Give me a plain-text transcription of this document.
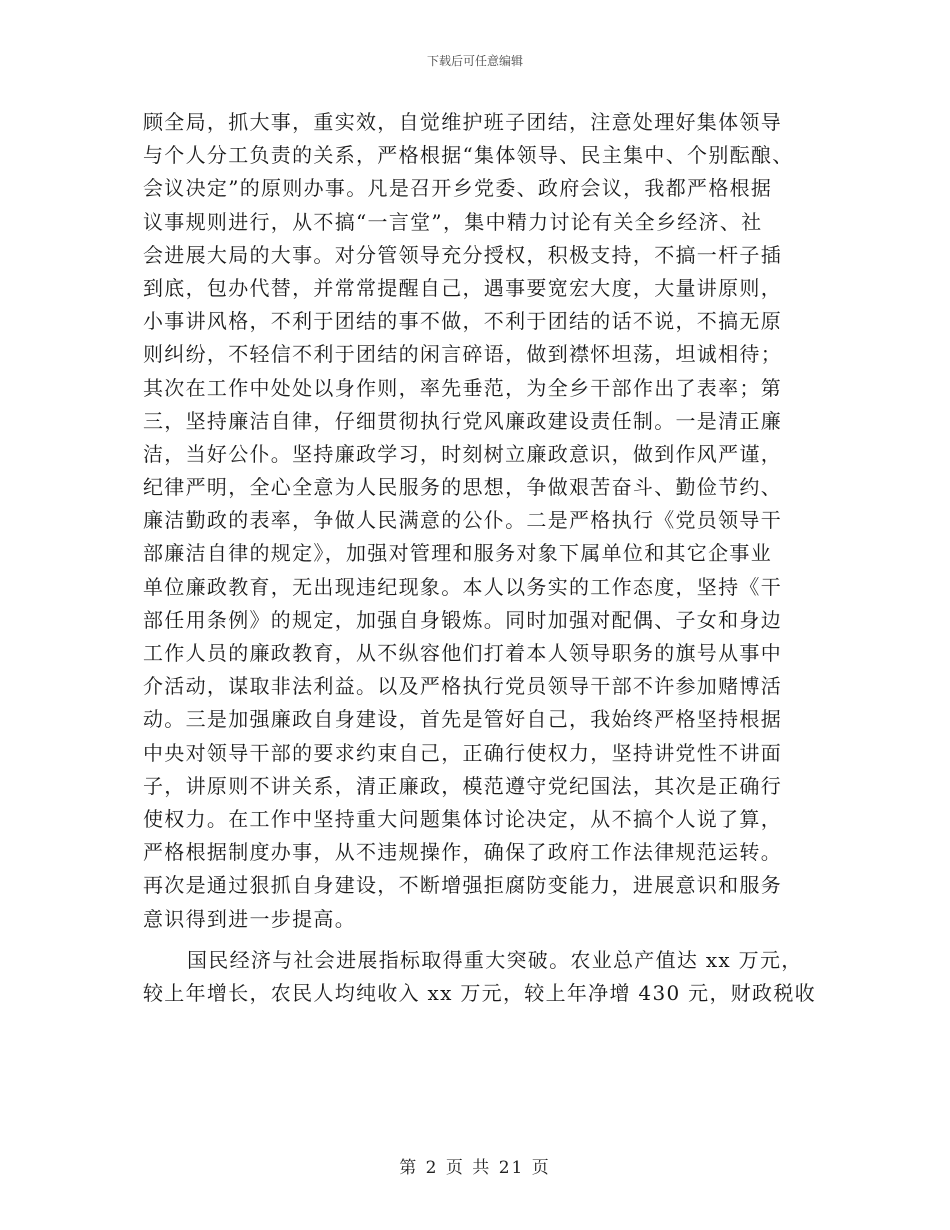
下载后可任意编辑
顾全局，抓大事，重实效，自觉维护班子团结，注意处理好集体领导
与个人分工负责的关系，严格根据“集体领导、民主集中、个别酝酿、
会议决定”的原则办事。凡是召开乡党委、政府会议，我都严格根据
议事规则进行，从不搞“一言堂”，集中精力讨论有关全乡经济、社
会进展大局的大事。对分管领导充分授权，积极支持，不搞一杆子插
到底，包办代替，并常常提醒自己，遇事要宽宏大度，大量讲原则，
小事讲风格，不利于团结的事不做，不利于团结的话不说，不搞无原
则纠纷，不轻信不利于团结的闲言碎语，做到襟怀坦荡，坦诚相待；
其次在工作中处处以身作则，率先垂范，为全乡干部作出了表率；第
三，坚持廉洁自律，仔细贯彻执行党风廉政建设责任制。一是清正廉
洁，当好公仆。坚持廉政学习，时刻树立廉政意识，做到作风严谨，
纪律严明，全心全意为人民服务的思想，争做艰苦奋斗、勤俭节约、
廉洁勤政的表率，争做人民满意的公仆。二是严格执行《党员领导干
部廉洁自律的规定》，加强对管理和服务对象下属单位和其它企事业
单位廉政教育，无出现违纪现象。本人以务实的工作态度，坚持《干
部任用条例》的规定，加强自身锻炼。同时加强对配偶、子女和身边
工作人员的廉政教育，从不纵容他们打着本人领导职务的旗号从事中
介活动，谋取非法利益。以及严格执行党员领导干部不许参加赌博活
动。三是加强廉政自身建设，首先是管好自己，我始终严格坚持根据
中央对领导干部的要求约束自己，正确行使权力，坚持讲党性不讲面
子，讲原则不讲关系，清正廉政，模范遵守党纪国法，其次是正确行
使权力。在工作中坚持重大问题集体讨论决定，从不搞个人说了算，
严格根据制度办事，从不违规操作，确保了政府工作法律规范运转。
再次是通过狠抓自身建设，不断增强拒腐防变能力，进展意识和服务
意识得到进一步提高。
国民经济与社会进展指标取得重大突破。农业总产值达 xx 万元，
较上年增长，农民人均纯收入 xx 万元，较上年净增 430 元，财政税收
第 2 页 共 21 页
